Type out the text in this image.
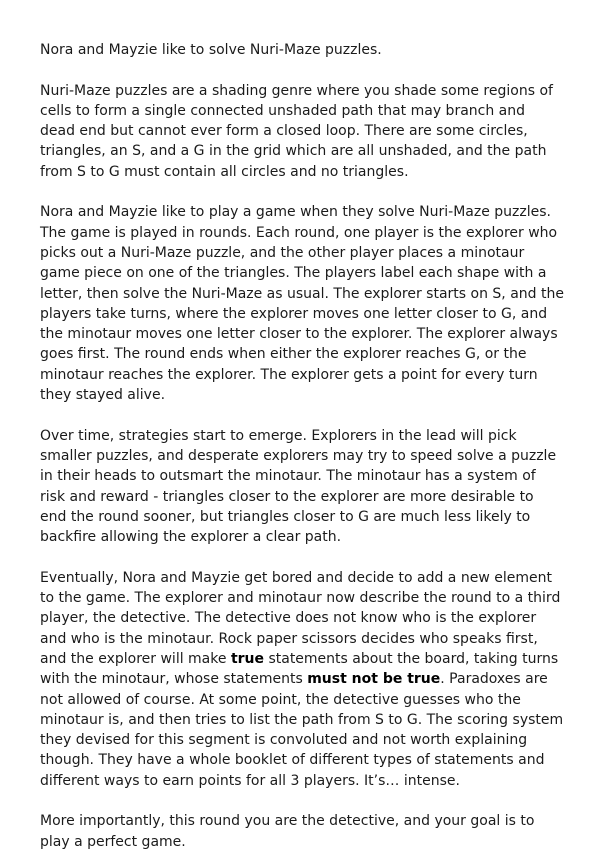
Nora and Mayzie like to solve Nuri-Maze puzzles.

Nuri-Maze puzzles are a shading genre where you shade some regions of cells to form a single connected unshaded path that may branch and dead end but cannot ever form a closed loop. There are some circles, triangles, an S, and a G in the grid which are all unshaded, and the path from S to G must contain all circles and no triangles.

Nora and Mayzie like to play a game when they solve Nuri-Maze puzzles. The game is played in rounds. Each round, one player is the explorer who picks out a Nuri-Maze puzzle, and the other player places a minotaur game piece on one of the triangles. The players label each shape with a letter, then solve the Nuri-Maze as usual. The explorer starts on S, and the players take turns, where the explorer moves one letter closer to G, and the minotaur moves one letter closer to the explorer. The explorer always goes first. The round ends when either the explorer reaches G, or the minotaur reaches the explorer. The explorer gets a point for every turn they stayed alive.

Over time, strategies start to emerge. Explorers in the lead will pick smaller puzzles, and desperate explorers may try to speed solve a puzzle in their heads to outsmart the minotaur. The minotaur has a system of risk and reward - triangles closer to the explorer are more desirable to end the round sooner, but triangles closer to G are much less likely to backfire allowing the explorer a clear path.

Eventually, Nora and Mayzie get bored and decide to add a new element to the game. The explorer and minotaur now describe the round to a third player, the detective. The detective does not know who is the explorer and who is the minotaur. Rock paper scissors decides who speaks first, and the explorer will make true statements about the board, taking turns with the minotaur, whose statements must not be true. Paradoxes are not allowed of course. At some point, the detective guesses who the minotaur is, and then tries to list the path from S to G. The scoring system they devised for this segment is convoluted and not worth explaining though. They have a whole booklet of different types of statements and different ways to earn points for all 3 players. It’s… intense.

More importantly, this round you are the detective, and your goal is to play a perfect game.
